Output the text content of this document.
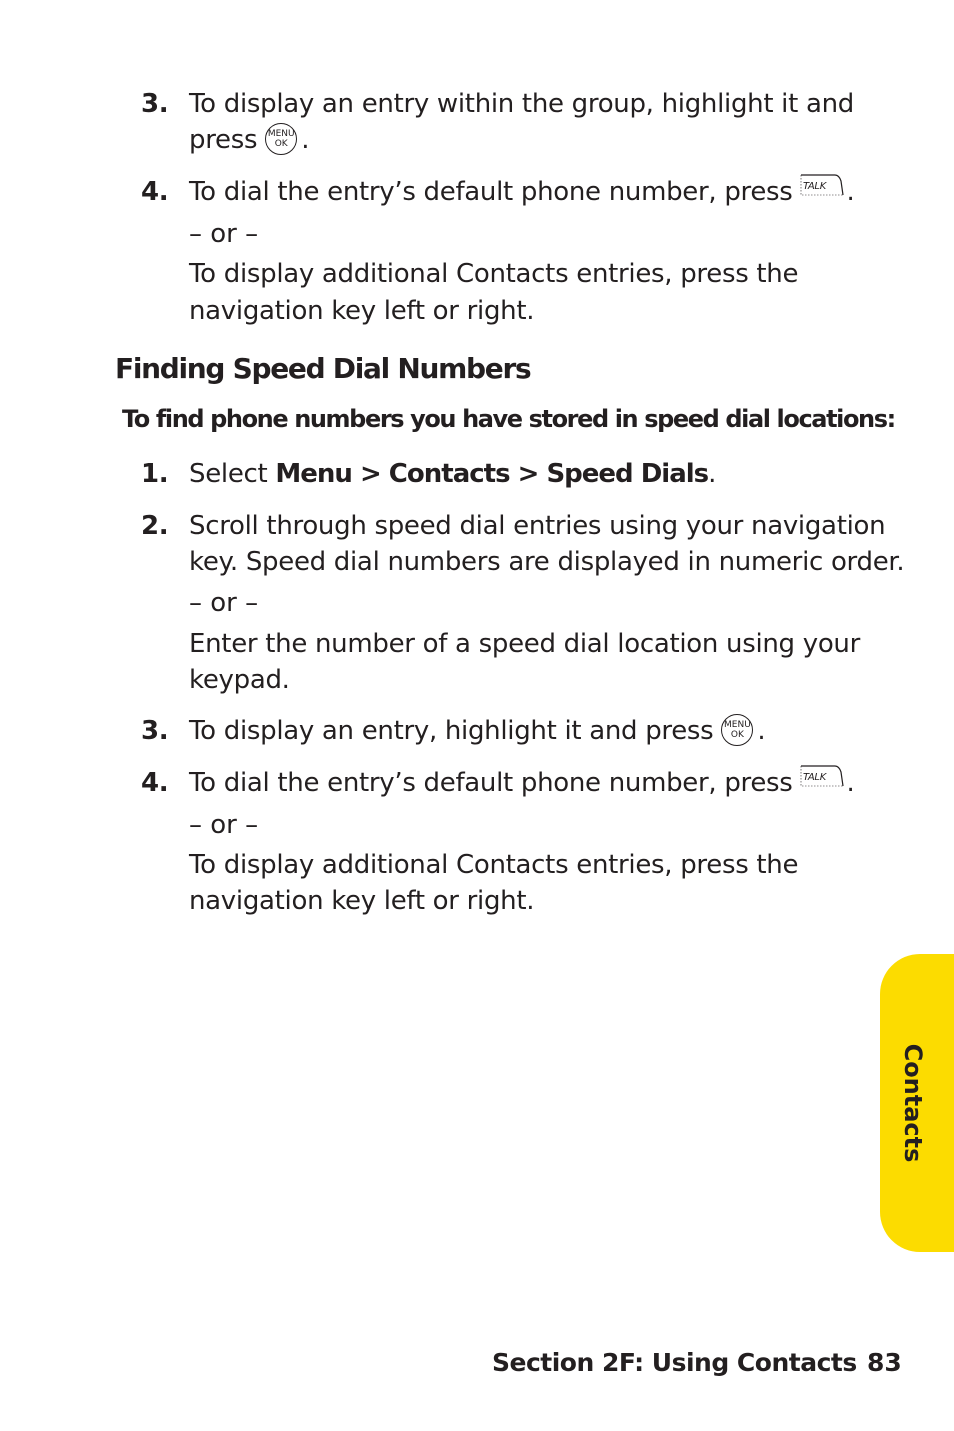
3. To display an entry within the group, highlight it and
press MENU
OK .
4. To dial the entry’s default phone number, press TALK .
– or –
To display additional Contacts entries, press the
navigation key left or right.
Finding Speed Dial Numbers
To find phone numbers you have stored in speed dial locations:
1. Select Menu > Contacts > Speed Dials.
2. Scroll through speed dial entries using your navigation
key. Speed dial numbers are displayed in numeric order.
– or –
Enter the number of a speed dial location using your
keypad.
3. To display an entry, highlight it and press MENU
OK .
4. To dial the entry’s default phone number, press TALK .
– or –
To display additional Contacts entries, press the
navigation key left or right.
Contacts
Section 2F: Using Contacts 83
